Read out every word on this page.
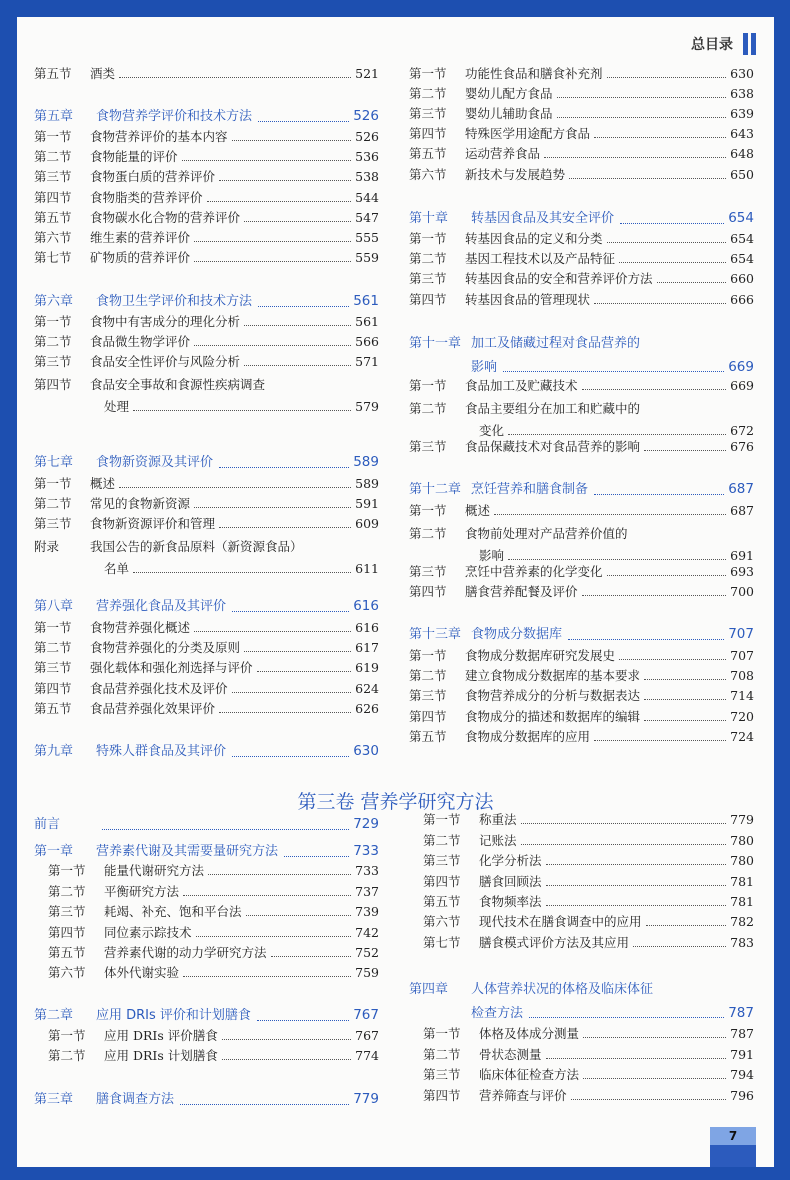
总目录
第五节	酒类	521
第五章	食物营养学评价和技术方法	526
第一节	食物营养评价的基本内容	526
第二节	食物能量的评价	536
第三节	食物蛋白质的营养评价	538
第四节	食物脂类的营养评价	544
第五节	食物碳水化合物的营养评价	547
第六节	维生素的营养评价	555
第七节	矿物质的营养评价	559
第六章	食物卫生学评价和技术方法	561
第一节	食物中有害成分的理化分析	561
第二节	食品微生物学评价	566
第三节	食品安全性评价与风险分析	571
第四节	食品安全事故和食源性疾病调查
处理	579
第七章	食物新资源及其评价	589
第一节	概述	589
第二节	常见的食物新资源	591
第三节	食物新资源评价和管理	609
附录	我国公告的新食品原料（新资源食品）
名单	611
第八章	营养强化食品及其评价	616
第一节	食物营养强化概述	616
第二节	食物营养强化的分类及原则	617
第三节	强化载体和强化剂选择与评价	619
第四节	食品营养强化技术及评价	624
第五节	食品营养强化效果评价	626
第九章	特殊人群食品及其评价	630
前言	729
第一章	营养素代谢及其需要量研究方法	733
第一节	能量代谢研究方法	733
第二节	平衡研究方法	737
第三节	耗竭、补充、饱和平台法	739
第四节	同位素示踪技术	742
第五节	营养素代谢的动力学研究方法	752
第六节	体外代谢实验	759
第二章	应用 DRIs 评价和计划膳食	767
第一节	应用 DRIs 评价膳食	767
第二节	应用 DRIs 计划膳食	774
第三章	膳食调查方法	779
第一节	功能性食品和膳食补充剂	630
第二节	婴幼儿配方食品	638
第三节	婴幼儿辅助食品	639
第四节	特殊医学用途配方食品	643
第五节	运动营养食品	648
第六节	新技术与发展趋势	650
第十章	转基因食品及其安全评价	654
第一节	转基因食品的定义和分类	654
第二节	基因工程技术以及产品特征	654
第三节	转基因食品的安全和营养评价方法	660
第四节	转基因食品的管理现状	666
第十一章 加工及储藏过程对食品营养的
影响	669
第一节	食品加工及贮藏技术	669
第二节	食品主要组分在加工和贮藏中的
变化	672
第三节	食品保藏技术对食品营养的影响	676
第十二章 烹饪营养和膳食制备	687
第一节	概述	687
第二节	食物前处理对产品营养价值的
影响	691
第三节	烹饪中营养素的化学变化	693
第四节	膳食营养配餐及评价	700
第十三章 食物成分数据库	707
第一节	食物成分数据库研究发展史	707
第二节	建立食物成分数据库的基本要求	708
第三节	食物营养成分的分析与数据表达	714
第四节	食物成分的描述和数据库的编辑	720
第五节	食物成分数据库的应用	724
第一节	称重法	779
第二节	记账法	780
第三节	化学分析法	780
第四节	膳食回顾法	781
第五节	食物频率法	781
第六节	现代技术在膳食调查中的应用	782
第七节	膳食模式评价方法及其应用	783
第四章	人体营养状况的体格及临床体征
检查方法	787
第一节	体格及体成分测量	787
第二节	骨状态测量	791
第三节	临床体征检查方法	794
第四节	营养筛查与评价	796
第三卷 营养学研究方法
7
